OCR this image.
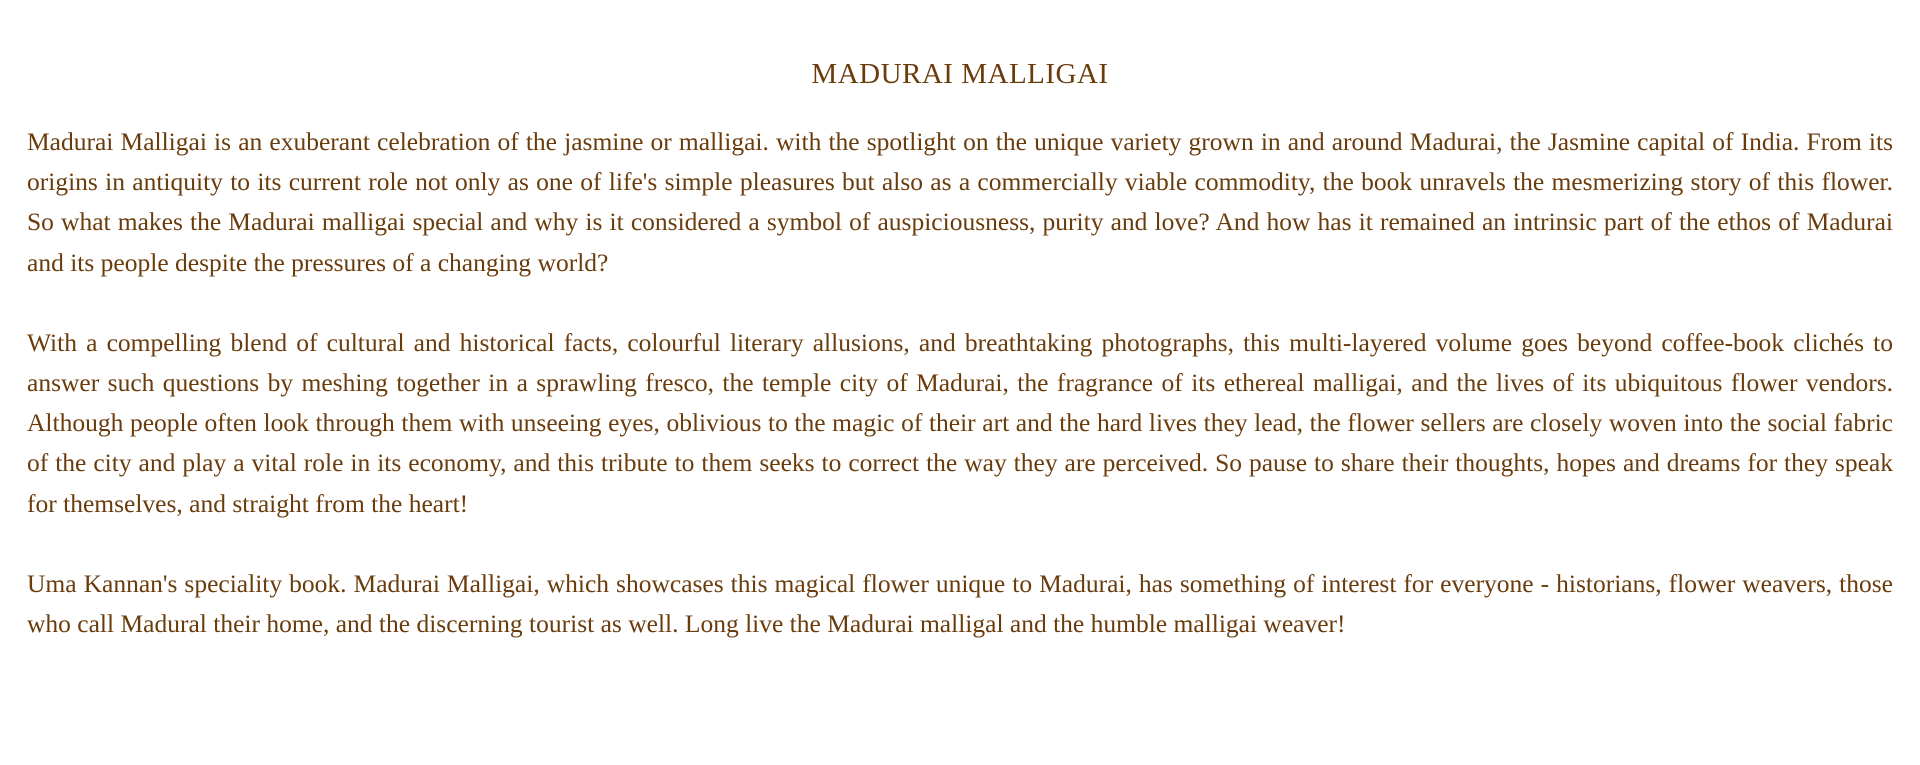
MADURAI MALLIGAI

Madurai Malligai is an exuberant celebration of the jasmine or malligai. with the spotlight on the unique variety grown in and around Madurai, the Jasmine capital of India. From its origins in antiquity to its current role not only as one of life's simple pleasures but also as a commercially viable commodity, the book unravels the mesmerizing story of this flower. So what makes the Madurai malligai special and why is it considered a symbol of auspiciousness, purity and love? And how has it remained an intrinsic part of the ethos of Madurai and its people despite the pressures of a changing world?

With a compelling blend of cultural and historical facts, colourful literary allusions, and breathtaking photographs, this multi-layered volume goes beyond coffee-book clichés to answer such questions by meshing together in a sprawling fresco, the temple city of Madurai, the fragrance of its ethereal malligai, and the lives of its ubiquitous flower vendors. Although people often look through them with unseeing eyes, oblivious to the magic of their art and the hard lives they lead, the flower sellers are closely woven into the social fabric of the city and play a vital role in its economy, and this tribute to them seeks to correct the way they are perceived. So pause to share their thoughts, hopes and dreams for they speak for themselves, and straight from the heart!

Uma Kannan's speciality book. Madurai Malligai, which showcases this magical flower unique to Madurai, has something of interest for everyone - historians, flower weavers, those who call Madural their home, and the discerning tourist as well. Long live the Madurai malligal and the humble malligai weaver!
